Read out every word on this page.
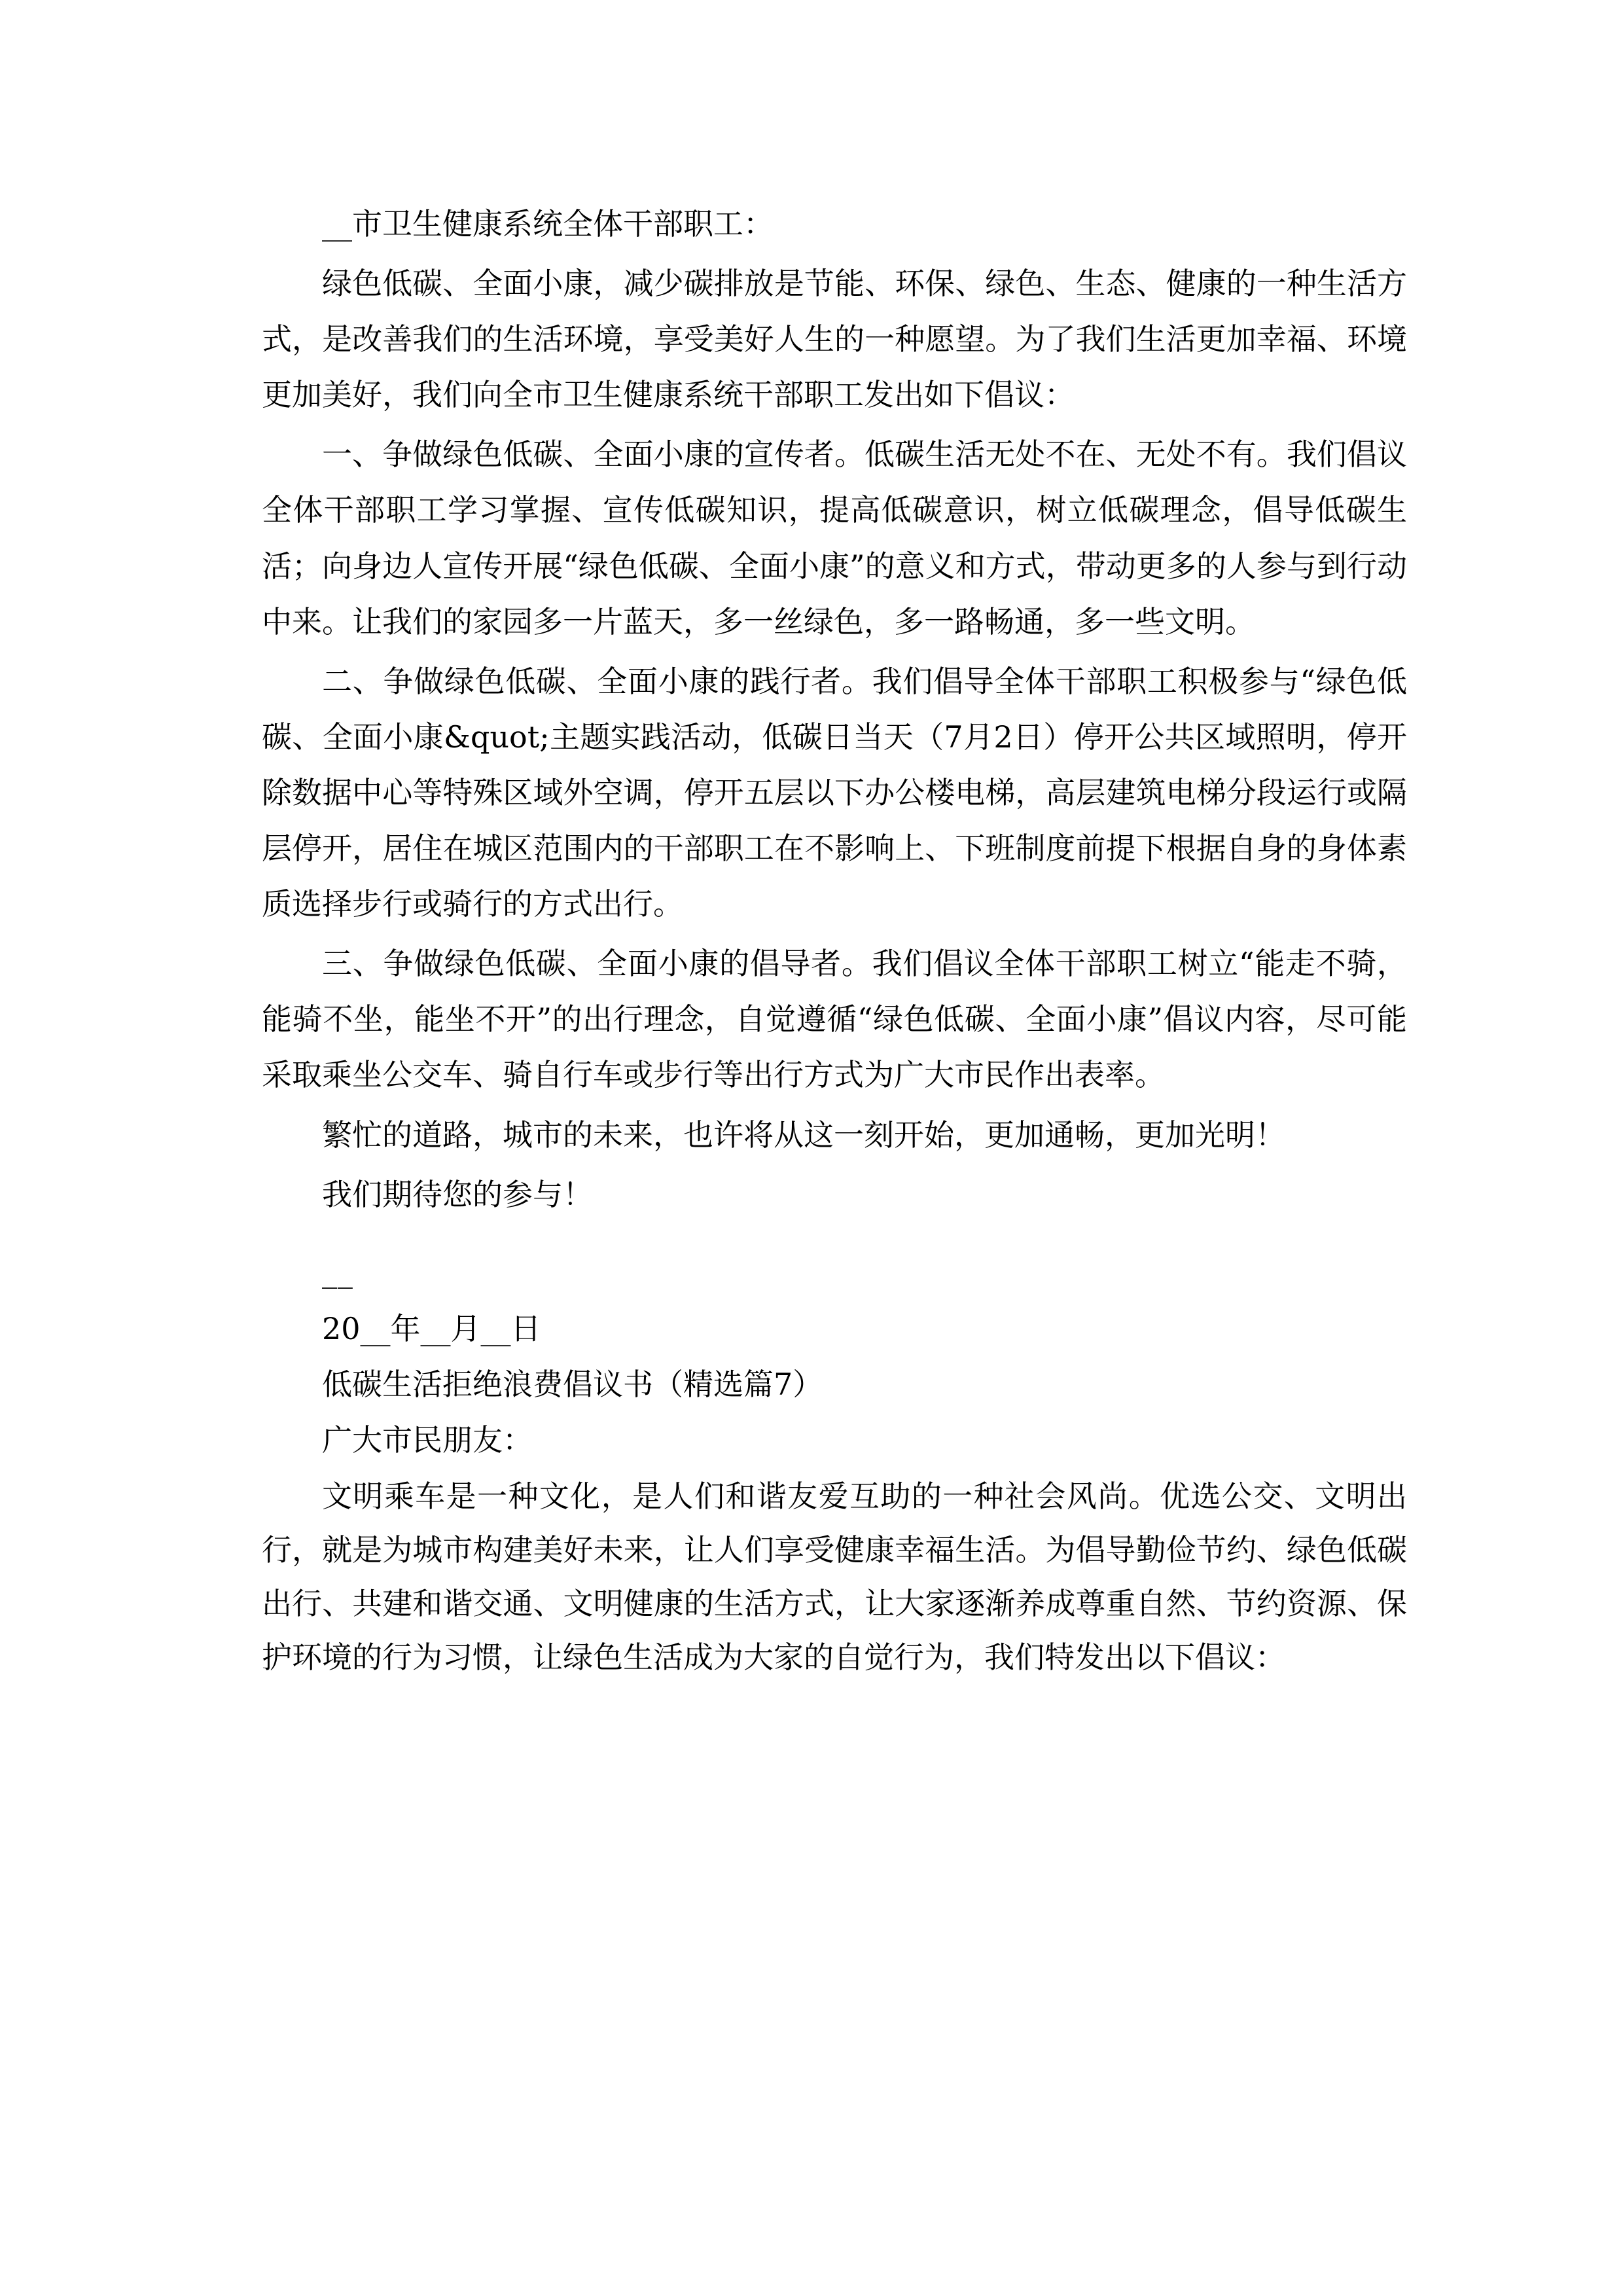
__市卫生健康系统全体干部职工：

绿色低碳、全面小康，减少碳排放是节能、环保、绿色、生态、健康的一种生活方式，是改善我们的生活环境，享受美好人生的一种愿望。为了我们生活更加幸福、环境更加美好，我们向全市卫生健康系统干部职工发出如下倡议：

一、争做绿色低碳、全面小康的宣传者。低碳生活无处不在、无处不有。我们倡议全体干部职工学习掌握、宣传低碳知识，提高低碳意识，树立低碳理念，倡导低碳生活；向身边人宣传开展“绿色低碳、全面小康”的意义和方式，带动更多的人参与到行动中来。让我们的家园多一片蓝天，多一丝绿色，多一路畅通，多一些文明。

二、争做绿色低碳、全面小康的践行者。我们倡导全体干部职工积极参与“绿色低碳、全面小康&quot;主题实践活动，低碳日当天（7月2日）停开公共区域照明，停开除数据中心等特殊区域外空调，停开五层以下办公楼电梯，高层建筑电梯分段运行或隔层停开，居住在城区范围内的干部职工在不影响上、下班制度前提下根据自身的身体素质选择步行或骑行的方式出行。

三、争做绿色低碳、全面小康的倡导者。我们倡议全体干部职工树立“能走不骑，能骑不坐，能坐不开”的出行理念，自觉遵循“绿色低碳、全面小康”倡议内容，尽可能采取乘坐公交车、骑自行车或步行等出行方式为广大市民作出表率。

繁忙的道路，城市的未来，也许将从这一刻开始，更加通畅，更加光明！

我们期待您的参与！

__

20__年__月__日

低碳生活拒绝浪费倡议书（精选篇7）

广大市民朋友：

文明乘车是一种文化，是人们和谐友爱互助的一种社会风尚。优选公交、文明出行，就是为城市构建美好未来，让人们享受健康幸福生活。为倡导勤俭节约、绿色低碳出行、共建和谐交通、文明健康的生活方式，让大家逐渐养成尊重自然、节约资源、保护环境的行为习惯，让绿色生活成为大家的自觉行为，我们特发出以下倡议：
